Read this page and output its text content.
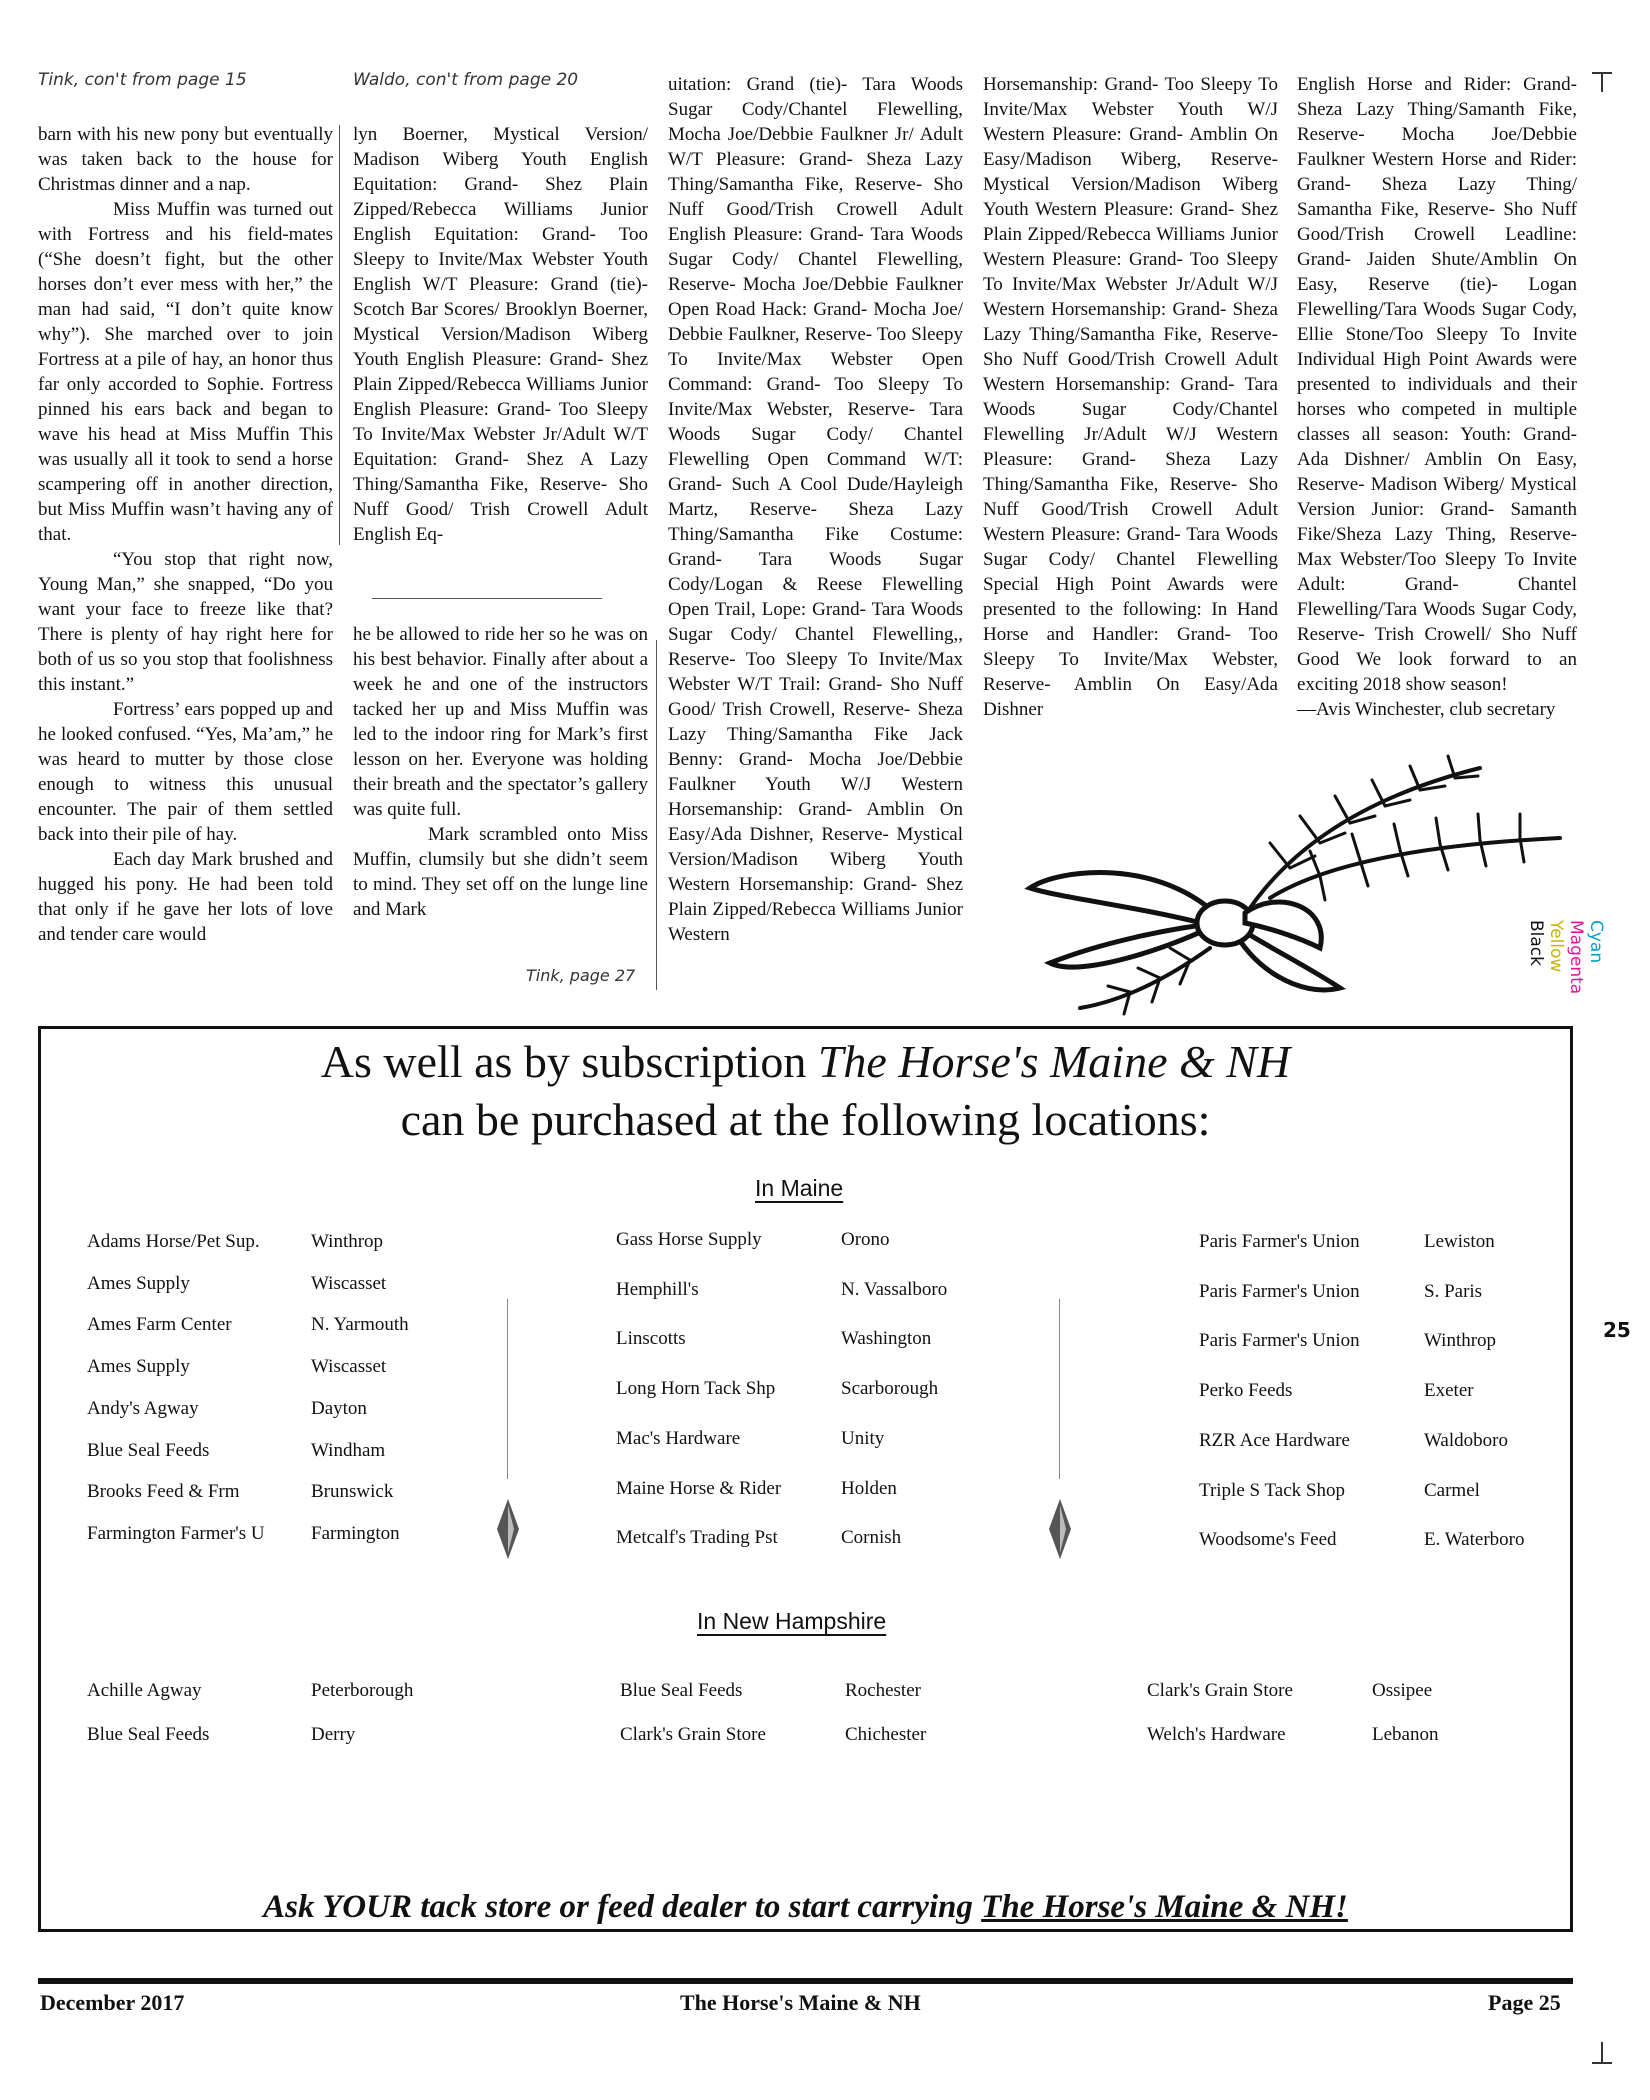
Tink, con't from page 15	Waldo, con't from page 20

barn with his new pony but eventually was taken back to the house for Christmas dinner and a nap.

Miss Muffin was turned out with Fortress and his field-mates (“She doesn’t fight, but the other horses don’t ever mess with her,” the man had said, “I don’t quite know why”). She marched over to join Fortress at a pile of hay, an honor thus far only accorded to Sophie. Fortress pinned his ears back and began to wave his head at Miss Muffin This was usually all it took to send a horse scampering off in another direction, but Miss Muffin wasn’t having any of that.

“You stop that right now, Young Man,” she snapped, “Do you want your face to freeze like that? There is plenty of hay right here for both of us so you stop that foolishness this instant.”

Fortress’ ears popped up and he looked confused. “Yes, Ma’am,” he was heard to mutter by those close enough to witness this unusual encounter. The pair of them settled back into their pile of hay.

Each day Mark brushed and hugged his pony. He had been told that only if he gave her lots of love and tender care would

lyn Boerner, Mystical Version/ Madison Wiberg Youth English Equitation: Grand- Shez Plain Zipped/Rebecca Williams Junior English Equitation: Grand- Too Sleepy to Invite/Max Webster Youth English W/T Pleasure: Grand (tie)- Scotch Bar Scores/ Brooklyn Boerner, Mystical Version/Madison Wiberg Youth English Pleasure: Grand- Shez Plain Zipped/Rebecca Williams Junior English Pleasure: Grand- Too Sleepy To Invite/Max Webster Jr/Adult W/T Equitation: Grand- Shez A Lazy Thing/Samantha Fike, Reserve- Sho Nuff Good/ Trish Crowell Adult English Eq-

he be allowed to ride her so he was on his best behavior. Finally after about a week he and one of the instructors tacked her up and Miss Muffin was led to the indoor ring for Mark’s first lesson on her. Everyone was holding their breath and the spectator’s gallery was quite full.

Mark scrambled onto Miss Muffin, clumsily but she didn’t seem to mind. They set off on the lunge line and Mark

Tink, page 27

uitation: Grand (tie)- Tara Woods Sugar Cody/Chantel Flewelling, Mocha Joe/Debbie Faulkner Jr/ Adult W/T Pleasure: Grand- Sheza Lazy Thing/Samantha Fike, Reserve- Sho Nuff Good/Trish Crowell Adult English Pleasure: Grand- Tara Woods Sugar Cody/ Chantel Flewelling, Reserve- Mocha Joe/Debbie Faulkner Open Road Hack: Grand- Mocha Joe/ Debbie Faulkner, Reserve- Too Sleepy To Invite/Max Webster Open Command: Grand- Too Sleepy To Invite/Max Webster, Reserve- Tara Woods Sugar Cody/ Chantel Flewelling Open Command W/T: Grand- Such A Cool Dude/Hayleigh Martz, Reserve- Sheza Lazy Thing/Samantha Fike Costume: Grand- Tara Woods Sugar Cody/Logan & Reese Flewelling Open Trail, Lope: Grand- Tara Woods Sugar Cody/ Chantel Flewelling,, Reserve- Too Sleepy To Invite/Max Webster W/T Trail: Grand- Sho Nuff Good/ Trish Crowell, Reserve- Sheza Lazy Thing/Samantha Fike Jack Benny: Grand- Mocha Joe/Debbie Faulkner Youth W/J Western Horsemanship: Grand- Amblin On Easy/Ada Dishner, Reserve- Mystical Version/Madison Wiberg Youth Western Horsemanship: Grand- Shez Plain Zipped/Rebecca Williams Junior Western

Horsemanship: Grand- Too Sleepy To Invite/Max Webster Youth W/J Western Pleasure: Grand- Amblin On Easy/Madison Wiberg, Reserve- Mystical Version/Madison Wiberg Youth Western Pleasure: Grand- Shez Plain Zipped/Rebecca Williams Junior Western Pleasure: Grand- Too Sleepy To Invite/Max Webster Jr/Adult W/J Western Horsemanship: Grand- Sheza Lazy Thing/Samantha Fike, Reserve- Sho Nuff Good/Trish Crowell Adult Western Horsemanship: Grand- Tara Woods Sugar Cody/Chantel Flewelling Jr/Adult W/J Western Pleasure: Grand- Sheza Lazy Thing/Samantha Fike, Reserve- Sho Nuff Good/Trish Crowell Adult Western Pleasure: Grand- Tara Woods Sugar Cody/ Chantel Flewelling Special High Point Awards were presented to the following: In Hand Horse and Handler: Grand- Too Sleepy To Invite/Max Webster, Reserve- Amblin On Easy/Ada Dishner

English Horse and Rider: Grand- Sheza Lazy Thing/Samanth Fike, Reserve- Mocha Joe/Debbie Faulkner Western Horse and Rider: Grand- Sheza Lazy Thing/ Samantha Fike, Reserve- Sho Nuff Good/Trish Crowell Leadline: Grand- Jaiden Shute/Amblin On Easy, Reserve (tie)- Logan Flewelling/Tara Woods Sugar Cody, Ellie Stone/Too Sleepy To Invite Individual High Point Awards were presented to individuals and their horses who competed in multiple classes all season: Youth: Grand- Ada Dishner/ Amblin On Easy, Reserve- Madison Wiberg/ Mystical Version Junior: Grand- Samanth Fike/Sheza Lazy Thing, Reserve- Max Webster/Too Sleepy To Invite Adult: Grand- Chantel Flewelling/Tara Woods Sugar Cody, Reserve- Trish Crowell/ Sho Nuff Good We look forward to an exciting 2018 show season!

—Avis Winchester, club secretary

Cyan Magenta Yellow Black
25
As well as by subscription The Horse's Maine & NH
can be purchased at the following locations:
In Maine
Adams Horse/Pet Sup.	Winthrop
Ames Supply	Wiscasset
Ames Farm Center	N. Yarmouth
Ames Supply	Wiscasset
Andy's Agway	Dayton
Blue Seal Feeds	Windham
Brooks Feed & Frm	Brunswick
Farmington Farmer's U Farmington
Gass Horse Supply	Orono
Hemphill's	N. Vassalboro
Linscotts	Washington
Long Horn Tack Shp	Scarborough
Mac's Hardware	Unity
Maine Horse & Rider	Holden
Metcalf's Trading Pst	Cornish
Paris Farmer's Union	Lewiston
Paris Farmer's Union	S. Paris
Paris Farmer's Union	Winthrop
Perko Feeds	Exeter
RZR Ace Hardware	Waldoboro
Triple S Tack Shop	Carmel
Woodsome's Feed	E. Waterboro
In New Hampshire
Achille Agway	Peterborough
Blue Seal Feeds	Derry
Blue Seal Feeds	Rochester
Clark's Grain Store	Chichester
Clark's Grain Store	Ossipee
Welch's Hardware	Lebanon
Ask YOUR tack store or feed dealer to start carrying The Horse's Maine & NH!
December 2017	The Horse's Maine & NH	Page 25
